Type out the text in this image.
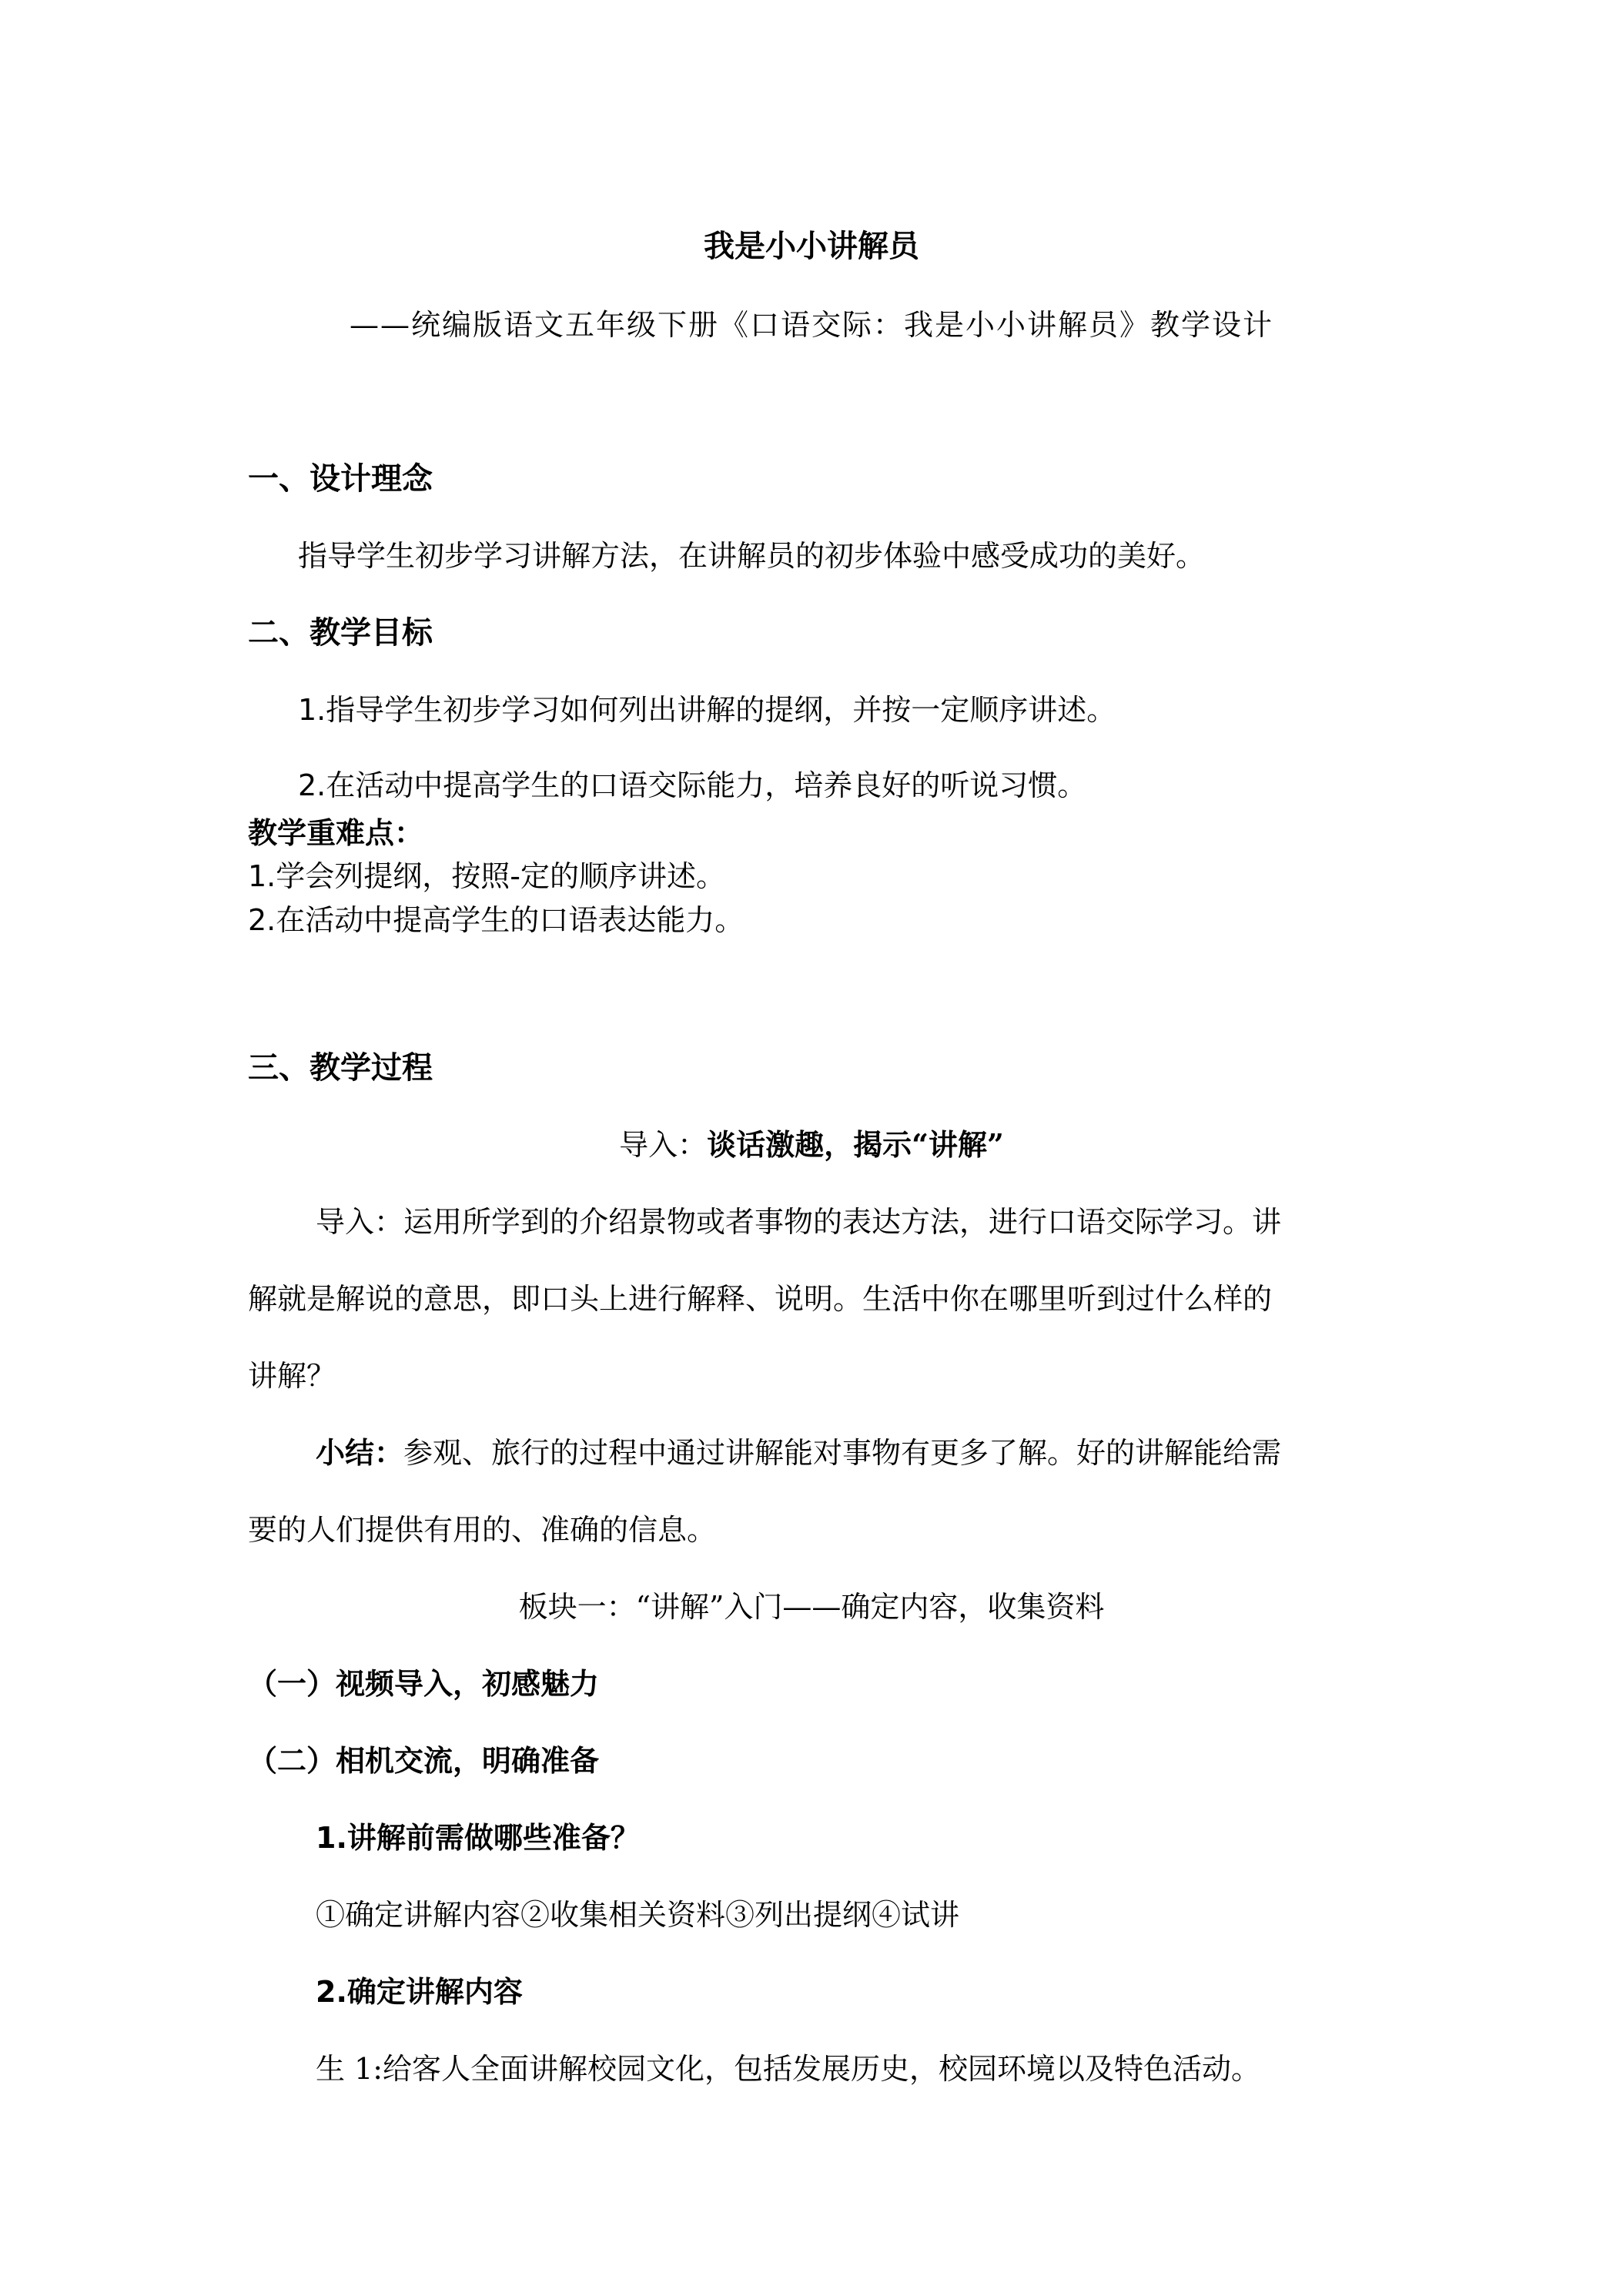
我是小小讲解员

——统编版语文五年级下册《口语交际：我是小小讲解员》教学设计

一、设计理念

指导学生初步学习讲解方法，在讲解员的初步体验中感受成功的美好。

二、教学目标

1.指导学生初步学习如何列出讲解的提纲，并按一定顺序讲述。

2.在活动中提高学生的口语交际能力，培养良好的听说习惯。

教学重难点：

1.学会列提纲，按照-定的顺序讲述。

2.在活动中提高学生的口语表达能力。

三、教学过程

导入：谈话激趣，揭示“讲解”

导入：运用所学到的介绍景物或者事物的表达方法，进行口语交际学习。讲

解就是解说的意思，即口头上进行解释、说明。生活中你在哪里听到过什么样的

讲解？

小结：参观、旅行的过程中通过讲解能对事物有更多了解。好的讲解能给需

要的人们提供有用的、准确的信息。

板块一：“讲解”入门——确定内容，收集资料

（一）视频导入，初感魅力

（二）相机交流，明确准备

1.讲解前需做哪些准备？

①确定讲解内容②收集相关资料③列出提纲④试讲

2.确定讲解内容

生 1:给客人全面讲解校园文化，包括发展历史，校园环境以及特色活动。
